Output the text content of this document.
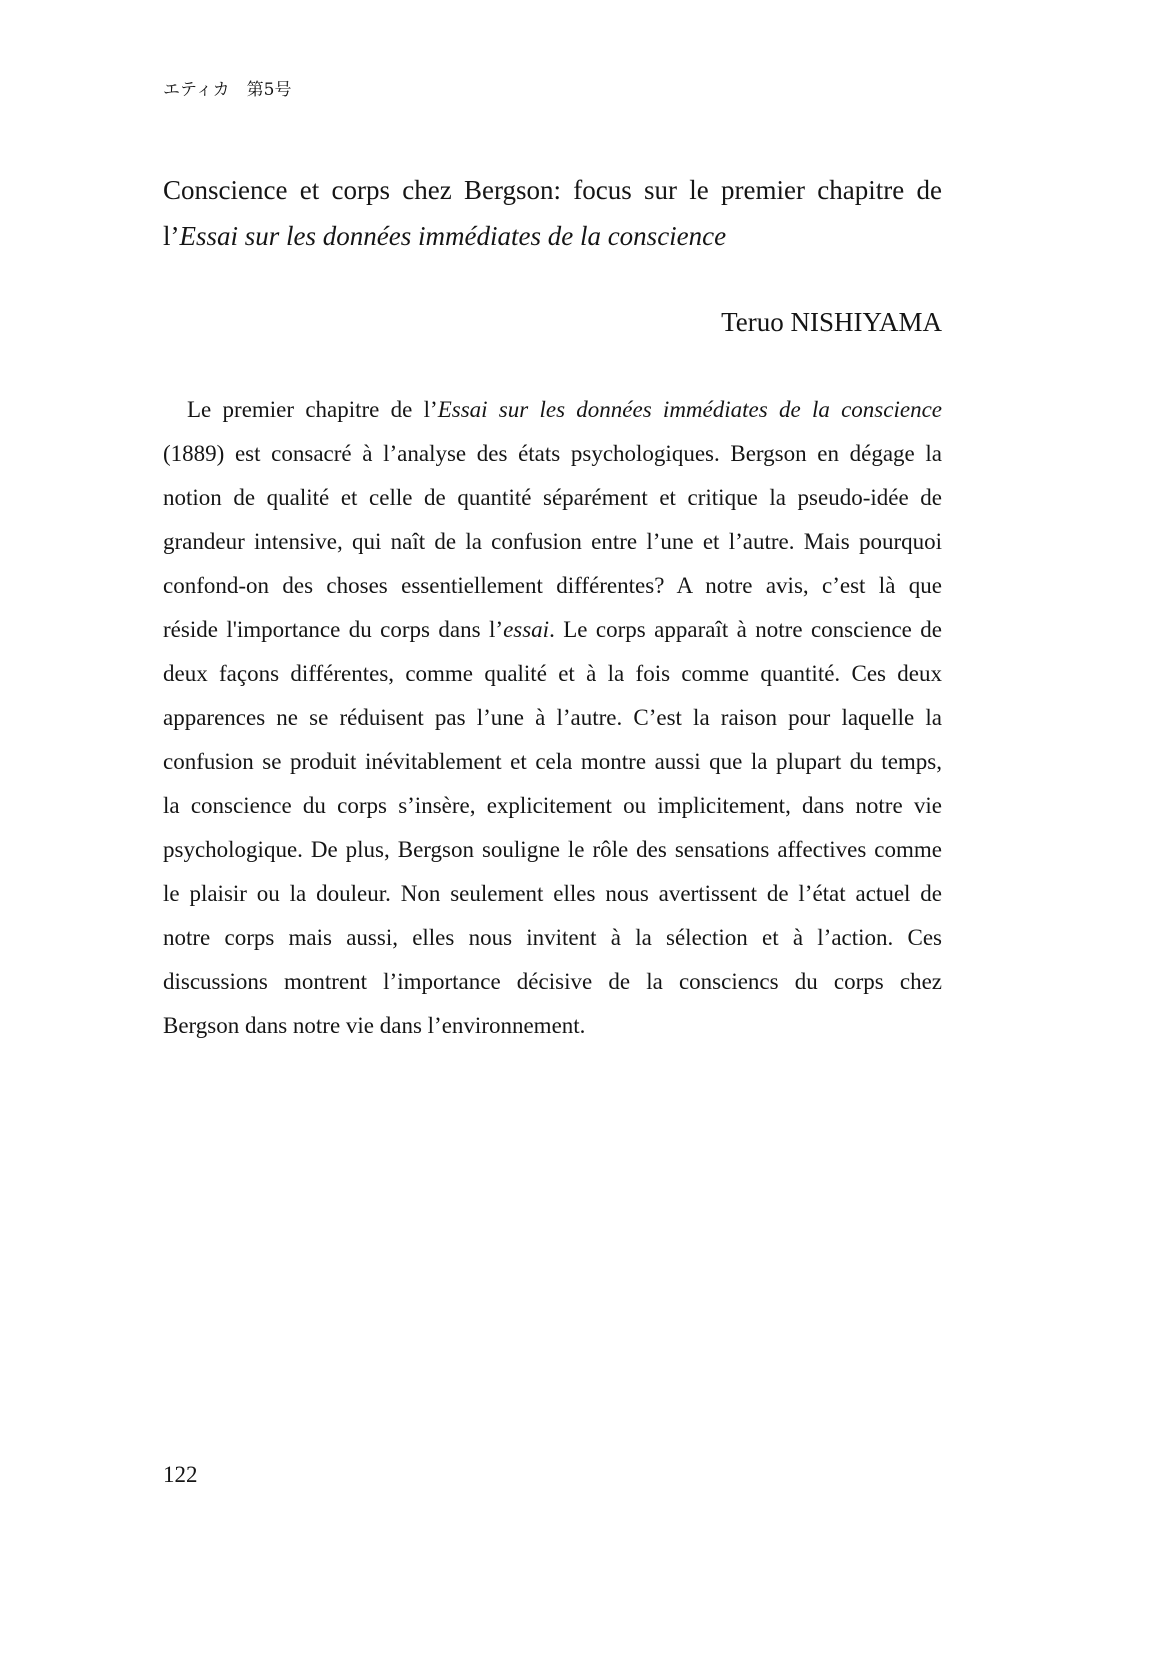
エティカ　第5号
Conscience et corps chez Bergson: focus sur le premier chapitre de
l’Essai sur les données immédiates de la conscience
Teruo NISHIYAMA
Le premier chapitre de l’Essai sur les données immédiates de la conscience
(1889) est consacré à l’analyse des états psychologiques. Bergson en dégage la
notion de qualité et celle de quantité séparément et critique la pseudo-idée de
grandeur intensive, qui naît de la confusion entre l’une et l’autre. Mais pourquoi
confond-on des choses essentiellement différentes? A notre avis, c’est là que
réside l'importance du corps dans l’essai. Le corps apparaît à notre conscience de
deux façons différentes, comme qualité et à la fois comme quantité. Ces deux
apparences ne se réduisent pas l’une à l’autre. C’est la raison pour laquelle la
confusion se produit inévitablement et cela montre aussi que la plupart du temps,
la conscience du corps s’insère, explicitement ou implicitement, dans notre vie
psychologique. De plus, Bergson souligne le rôle des sensations affectives comme
le plaisir ou la douleur. Non seulement elles nous avertissent de l’état actuel de
notre corps mais aussi, elles nous invitent à la sélection et à l’action. Ces
discussions montrent l’importance décisive de la consciencs du corps chez
Bergson dans notre vie dans l’environnement.
122
